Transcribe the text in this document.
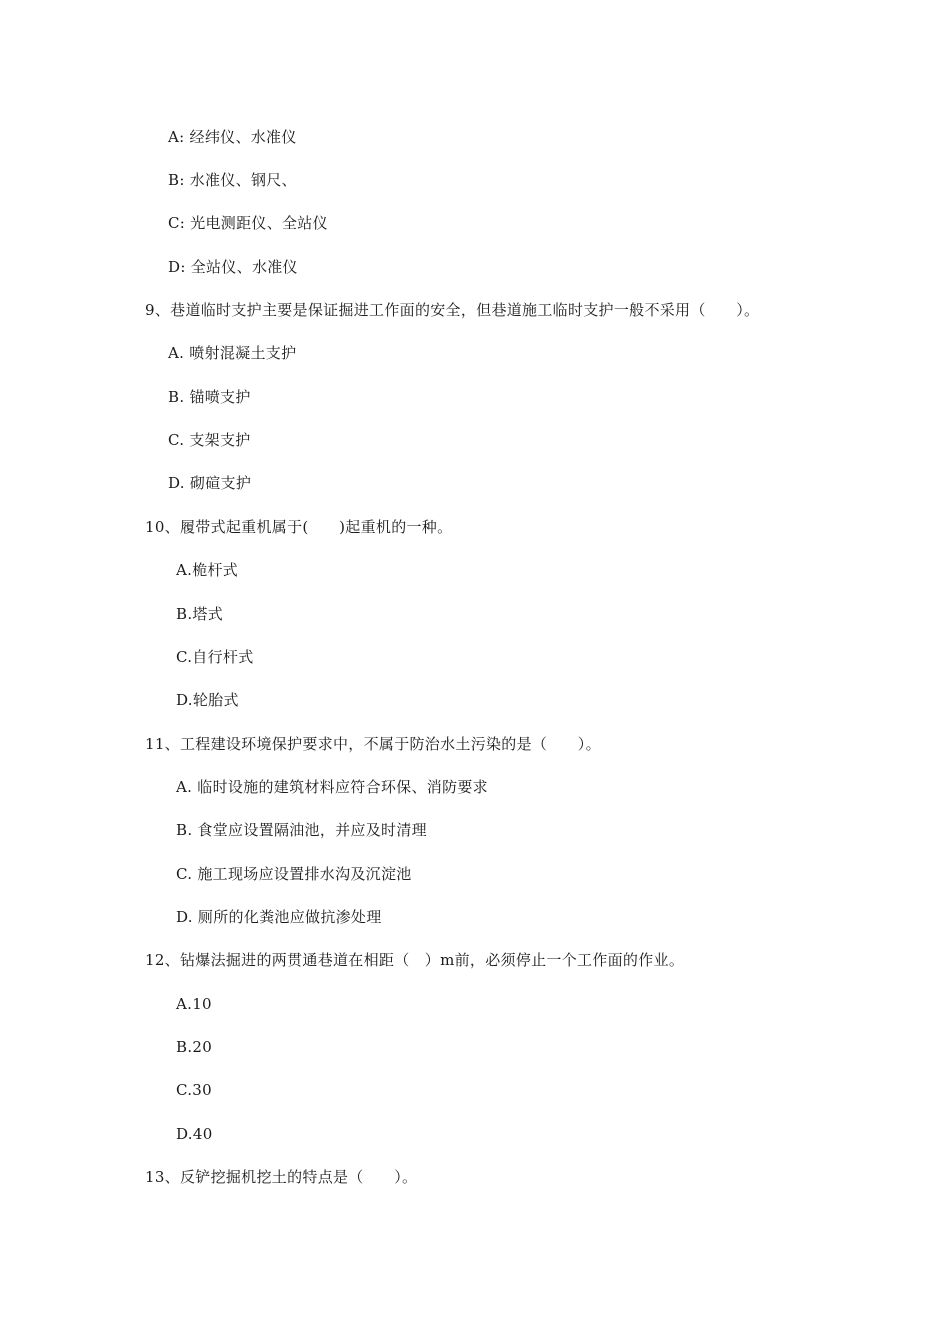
A: 经纬仪、水准仪
B: 水准仪、钢尺、
C: 光电测距仪、全站仪
D: 全站仪、水准仪
9、巷道临时支护主要是保证掘进工作面的安全，但巷道施工临时支护一般不采用（　　）。
A. 喷射混凝土支护
B. 锚喷支护
C. 支架支护
D. 砌碹支护
10、履带式起重机属于(　　)起重机的一种。
A.桅杆式
B.塔式
C.自行杆式
D.轮胎式
11、工程建设环境保护要求中，不属于防治水土污染的是（　　）。
A. 临时设施的建筑材料应符合环保、消防要求
B. 食堂应设置隔油池，并应及时清理
C. 施工现场应设置排水沟及沉淀池
D. 厕所的化粪池应做抗渗处理
12、钻爆法掘进的两贯通巷道在相距（　）m前，必须停止一个工作面的作业。
A.10
B.20
C.30
D.40
13、反铲挖掘机挖土的特点是（　　）。
